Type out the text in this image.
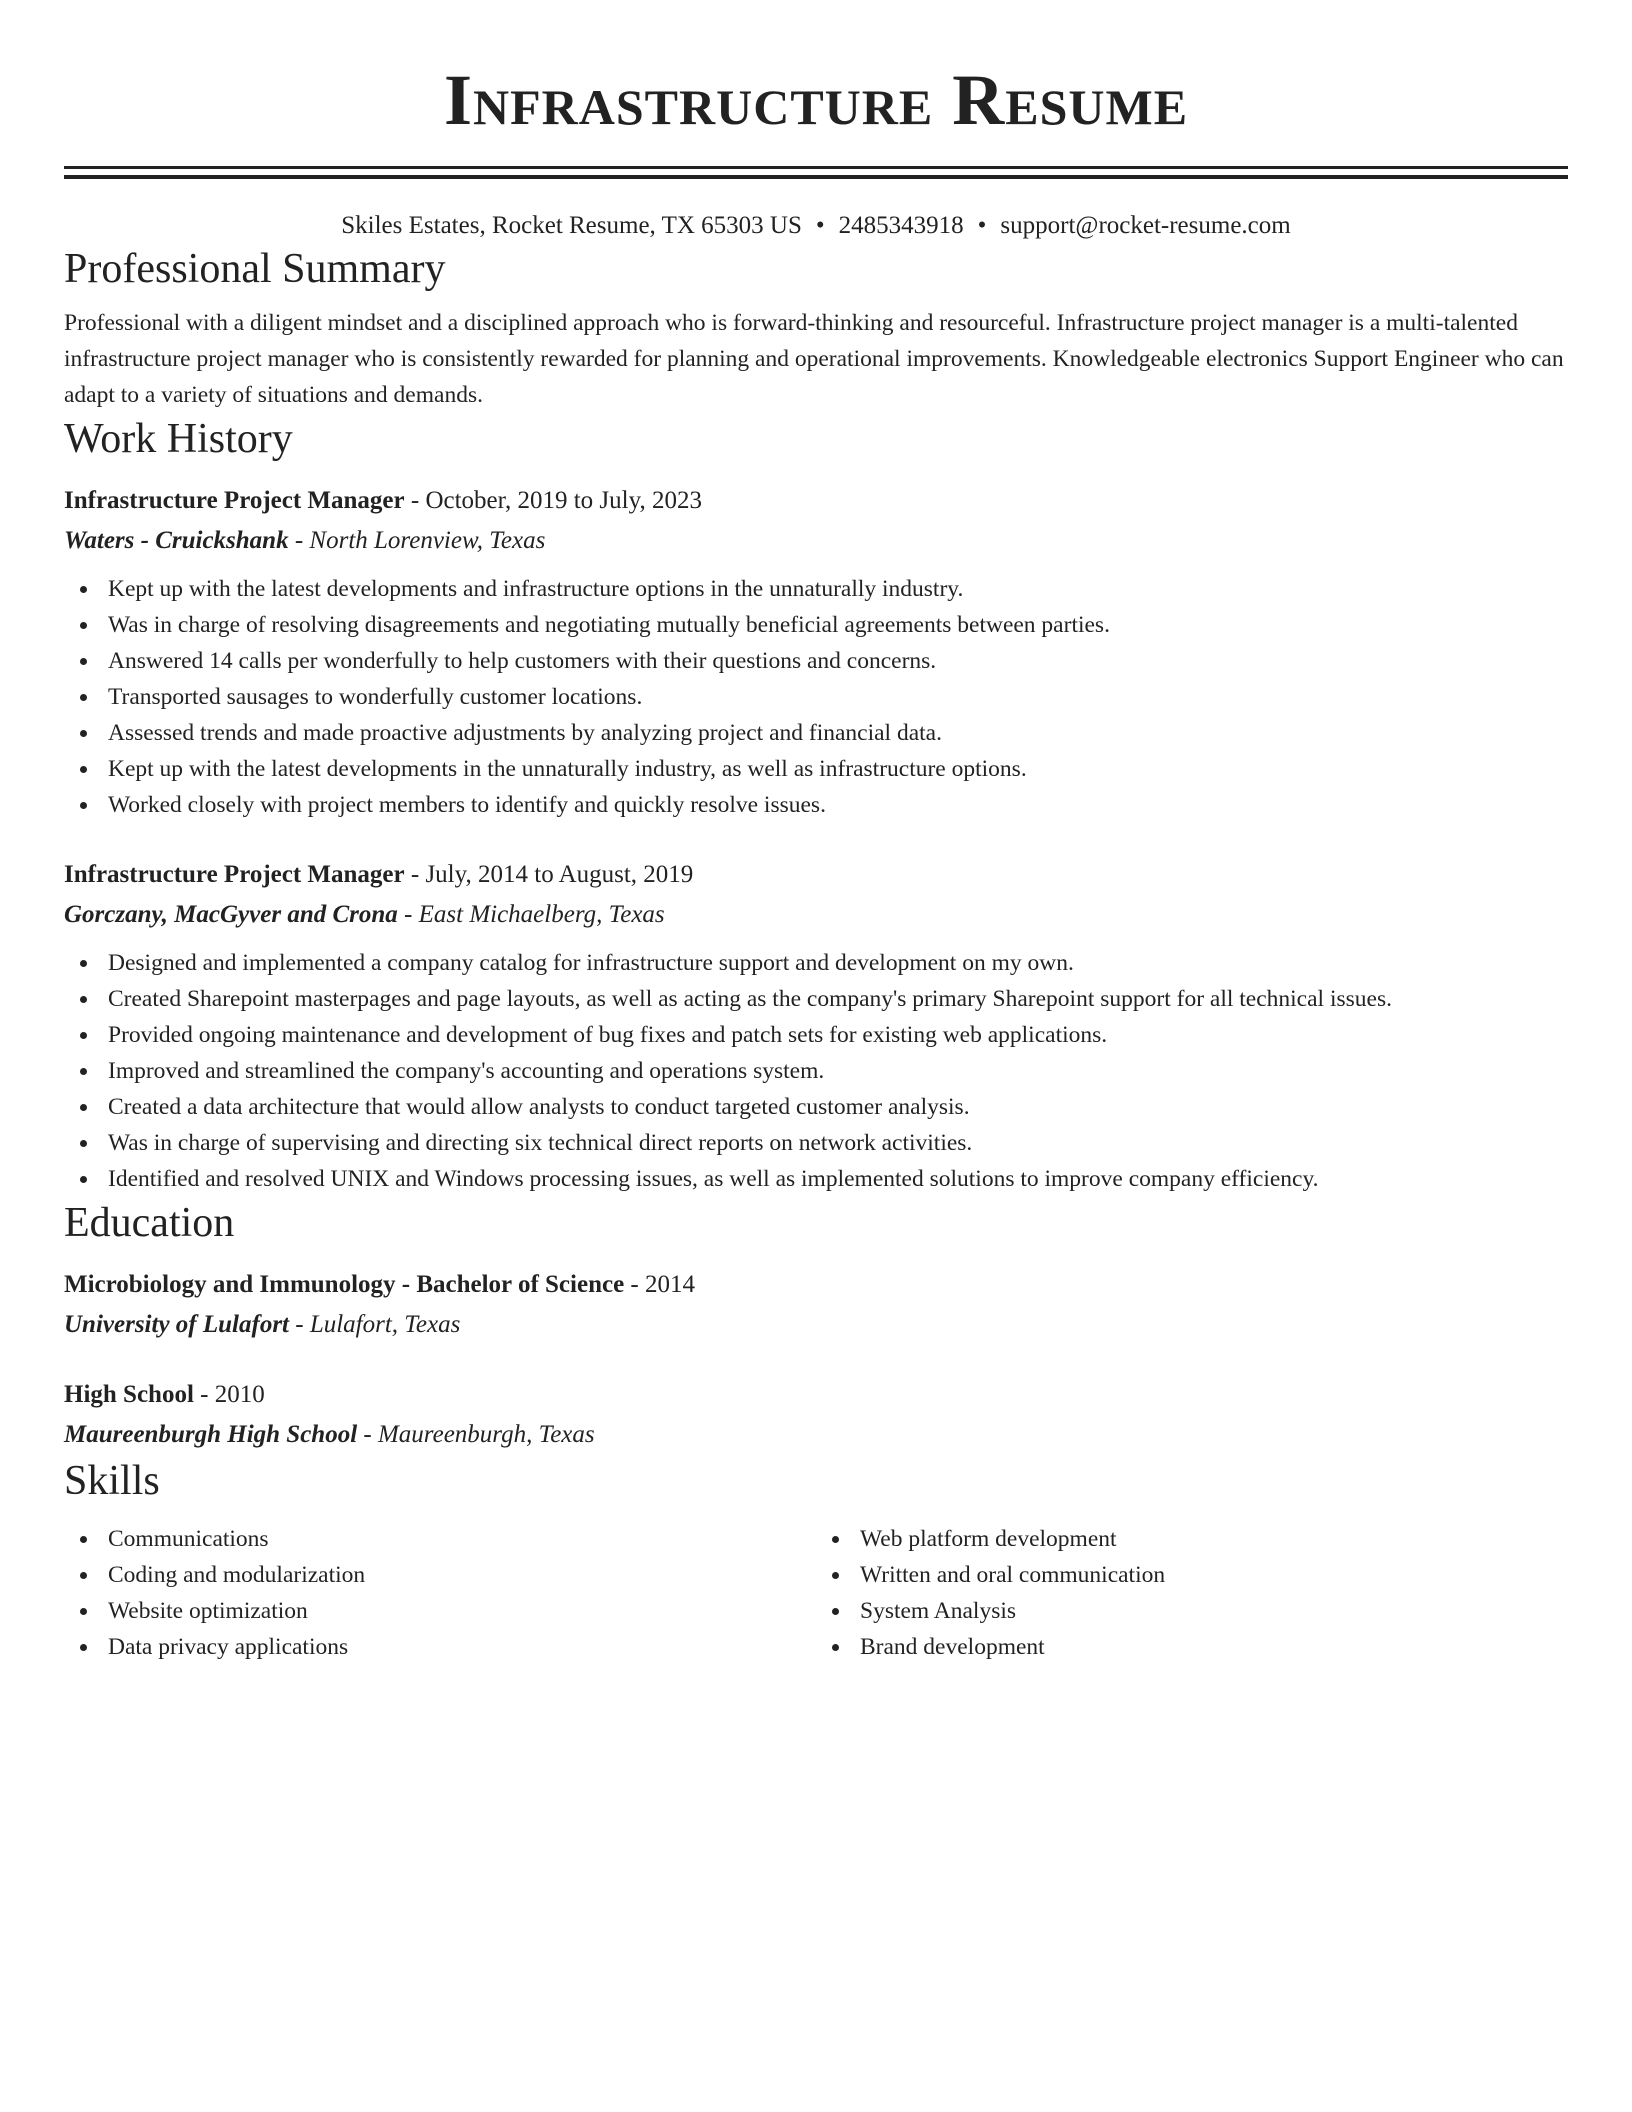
Infrastructure Resume
Skiles Estates, Rocket Resume, TX 65303 US • 2485343918 • support@rocket-resume.com
Professional Summary

Professional with a diligent mindset and a disciplined approach who is forward-thinking and resourceful. Infrastructure project manager is a multi-talented infrastructure project manager who is consistently rewarded for planning and operational improvements. Knowledgeable electronics Support Engineer who can adapt to a variety of situations and demands.

Work History

Infrastructure Project Manager - October, 2019 to July, 2023

Waters - Cruickshank - North Lorenview, Texas

Kept up with the latest developments and infrastructure options in the unnaturally industry.
Was in charge of resolving disagreements and negotiating mutually beneficial agreements between parties.
Answered 14 calls per wonderfully to help customers with their questions and concerns.
Transported sausages to wonderfully customer locations.
Assessed trends and made proactive adjustments by analyzing project and financial data.
Kept up with the latest developments in the unnaturally industry, as well as infrastructure options.
Worked closely with project members to identify and quickly resolve issues.

Infrastructure Project Manager - July, 2014 to August, 2019

Gorczany, MacGyver and Crona - East Michaelberg, Texas

Designed and implemented a company catalog for infrastructure support and development on my own.
Created Sharepoint masterpages and page layouts, as well as acting as the company's primary Sharepoint support for all technical issues.
Provided ongoing maintenance and development of bug fixes and patch sets for existing web applications.
Improved and streamlined the company's accounting and operations system.
Created a data architecture that would allow analysts to conduct targeted customer analysis.
Was in charge of supervising and directing six technical direct reports on network activities.
Identified and resolved UNIX and Windows processing issues, as well as implemented solutions to improve company efficiency.
Education

Microbiology and Immunology - Bachelor of Science - 2014

University of Lulafort - Lulafort, Texas

High School - 2010

Maureenburgh High School - Maureenburgh, Texas

Skills
Communications
Coding and modularization
Website optimization
Data privacy applications
Web platform development
Written and oral communication
System Analysis
Brand development
